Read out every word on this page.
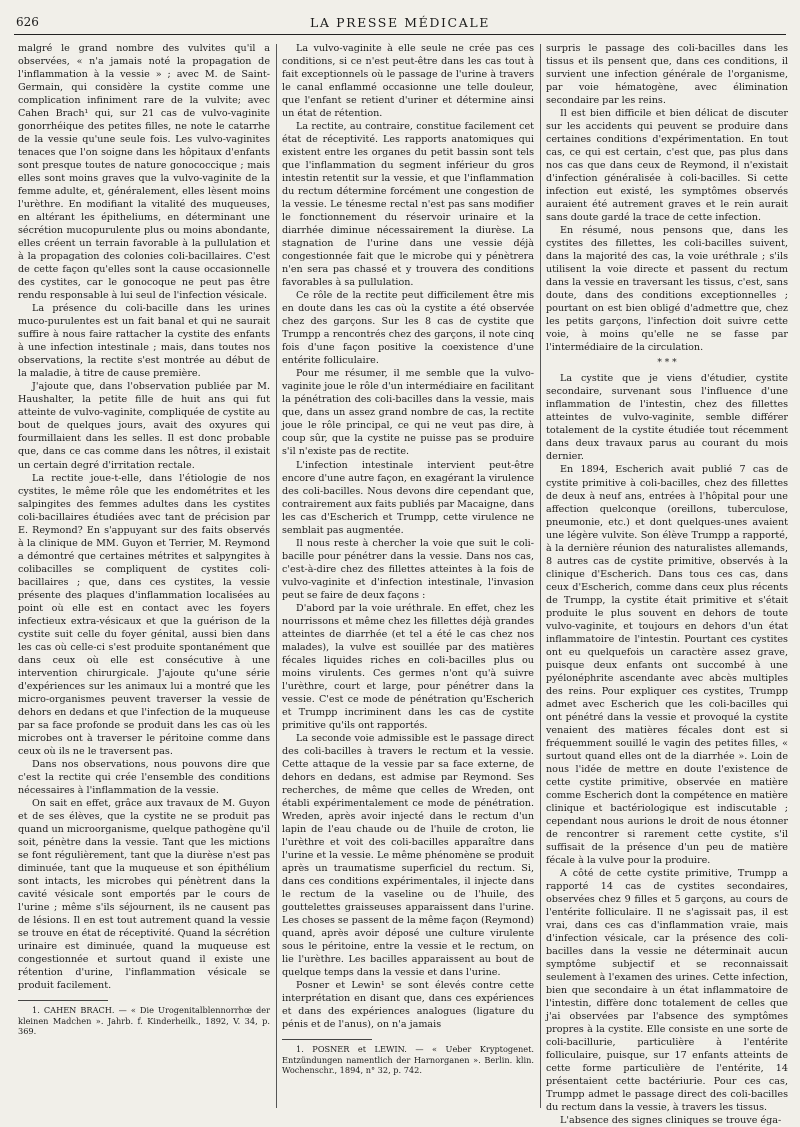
626	LA PRESSE MÉDICALE

malgré le grand nombre des vulvites qu'il a observées, « n'a jamais noté la propagation de l'inflammation à la vessie » ; avec M. de Saint-Germain, qui considère la cystite comme une complication infiniment rare de la vulvite; avec Cahen Brach¹ qui, sur 21 cas de vulvo-vaginite gonorrhéique des petites filles, ne note le catarrhe de la vessie qu'une seule fois. Les vulvo-vaginites tenaces que l'on soigne dans les hôpitaux d'enfants sont presque toutes de nature gonococcique ; mais elles sont moins graves que la vulvo-vaginite de la femme adulte, et, généralement, elles lèsent moins l'urèthre. En modifiant la vitalité des muqueuses, en altérant les épitheliums, en déterminant une sécrétion mucopurulente plus ou moins abondante, elles créent un terrain favorable à la pullulation et à la propagation des colonies coli-bacillaires. C'est de cette façon qu'elles sont la cause occasionnelle des cystites, car le gonocoque ne peut pas être rendu responsable à lui seul de l'infection vésicale.

La présence du coli-bacille dans les urines muco-purulentes est un fait banal et qui ne saurait suffire à nous faire rattacher la cystite des enfants à une infection intestinale ; mais, dans toutes nos observations, la rectite s'est montrée au début de la maladie, à titre de cause première.

J'ajoute que, dans l'observation publiée par M. Haushalter, la petite fille de huit ans qui fut atteinte de vulvo-vaginite, compliquée de cystite au bout de quelques jours, avait des oxyures qui fourmillaient dans les selles. Il est donc probable que, dans ce cas comme dans les nôtres, il existait un certain degré d'irritation rectale.

La rectite joue-t-elle, dans l'étiologie de nos cystites, le même rôle que les endométrites et les salpingites des femmes adultes dans les cystites coli-bacillaires étudiées avec tant de précision par E. Reymond? En s'appuyant sur des faits observés à la clinique de MM. Guyon et Terrier, M. Reymond a démontré que certaines métrites et salpyngites à colibacilles se compliquent de cystites coli-bacillaires ; que, dans ces cystites, la vessie présente des plaques d'inflammation localisées au point où elle est en contact avec les foyers infectieux extra-vésicaux et que la guérison de la cystite suit celle du foyer génital, aussi bien dans les cas où celle-ci s'est produite spontanément que dans ceux où elle est consécutive à une intervention chirurgicale. J'ajoute qu'une série d'expériences sur les animaux lui a montré que les micro-organismes peuvent traverser la vessie de dehors en dedans et que l'infection de la muqueuse par sa face profonde se produit dans les cas où les microbes ont à traverser le péritoine comme dans ceux où ils ne le traversent pas.

Dans nos observations, nous pouvons dire que c'est la rectite qui crée l'ensemble des conditions nécessaires à l'inflammation de la vessie.

On sait en effet, grâce aux travaux de M. Guyon et de ses élèves, que la cystite ne se produit pas quand un microorganisme, quelque pathogène qu'il soit, pénètre dans la vessie. Tant que les mictions se font régulièrement, tant que la diurèse n'est pas diminuée, tant que la muqueuse et son épithélium sont intacts, les microbes qui pénètrent dans la cavité vésicale sont emportés par le cours de l'urine ; même s'ils séjournent, ils ne causent pas de lésions. Il en est tout autrement quand la vessie se trouve en état de réceptivité. Quand la sécrétion urinaire est diminuée, quand la muqueuse est congestionnée et surtout quand il existe une rétention d'urine, l'inflammation vésicale se produit facilement.

1. CAHEN BRACH. — « Die Urogenitalblennorrhœ der kleinen Madchen ». Jahrb. f. Kinderheilk., 1892, V. 34, p. 369.

La vulvo-vaginite à elle seule ne crée pas ces conditions, si ce n'est peut-être dans les cas tout à fait exceptionnels où le passage de l'urine à travers le canal enflammé occasionne une telle douleur, que l'enfant se retient d'uriner et détermine ainsi un état de rétention.

La rectite, au contraire, constitue facilement cet état de réceptivité. Les rapports anatomiques qui existent entre les organes du petit bassin sont tels que l'inflammation du segment inférieur du gros intestin retentit sur la vessie, et que l'inflammation du rectum détermine forcément une congestion de la vessie. Le ténesme rectal n'est pas sans modifier le fonctionnement du réservoir urinaire et la diarrhée diminue nécessairement la diurèse. La stagnation de l'urine dans une vessie déjà congestionnée fait que le microbe qui y pénètrera n'en sera pas chassé et y trouvera des conditions favorables à sa pullulation.

Ce rôle de la rectite peut difficilement être mis en doute dans les cas où la cystite a été observée chez des garçons. Sur les 8 cas de cystite que Trumpp a rencontrés chez des garçons, il note cinq fois d'une façon positive la coexistence d'une entérite folliculaire.

Pour me résumer, il me semble que la vulvo-vaginite joue le rôle d'un intermédiaire en facilitant la pénétration des coli-bacilles dans la vessie, mais que, dans un assez grand nombre de cas, la rectite joue le rôle principal, ce qui ne veut pas dire, à coup sûr, que la cystite ne puisse pas se produire s'il n'existe pas de rectite.

L'infection intestinale intervient peut-être encore d'une autre façon, en exagérant la virulence des coli-bacilles. Nous devons dire cependant que, contrairement aux faits publiés par Macaigne, dans les cas d'Escherich et Trumpp, cette virulence ne semblait pas augmentée.

Il nous reste à chercher la voie que suit le coli-bacille pour pénétrer dans la vessie. Dans nos cas, c'est-à-dire chez des fillettes atteintes à la fois de vulvo-vaginite et d'infection intestinale, l'invasion peut se faire de deux façons :

D'abord par la voie uréthrale. En effet, chez les nourrissons et même chez les fillettes déjà grandes atteintes de diarrhée (et tel a été le cas chez nos malades), la vulve est souillée par des matières fécales liquides riches en coli-bacilles plus ou moins virulents. Ces germes n'ont qu'à suivre l'urèthre, court et large, pour pénétrer dans la vessie. C'est ce mode de pénétration qu'Escherich et Trumpp incriminent dans les cas de cystite primitive qu'ils ont rapportés.

La seconde voie admissible est le passage direct des coli-bacilles à travers le rectum et la vessie. Cette attaque de la vessie par sa face externe, de dehors en dedans, est admise par Reymond. Ses recherches, de même que celles de Wreden, ont établi expérimentalement ce mode de pénétration. Wreden, après avoir injecté dans le rectum d'un lapin de l'eau chaude ou de l'huile de croton, lie l'urèthre et voit des coli-bacilles apparaître dans l'urine et la vessie. Le même phénomène se produit après un traumatisme superficiel du rectum. Si, dans ces conditions expérimentales, il injecte dans le rectum de la vaseline ou de l'huile, des gouttelettes graisseuses apparaissent dans l'urine. Les choses se passent de la même façon (Reymond) quand, après avoir déposé une culture virulente sous le péritoine, entre la vessie et le rectum, on lie l'urèthre. Les bacilles apparaissent au bout de quelque temps dans la vessie et dans l'urine.

Posner et Lewin¹ se sont élevés contre cette interprétation en disant que, dans ces expériences et dans des expériences analogues (ligature du pénis et de l'anus), on n'a jamais

1. POSNER et LEWIN. — « Ueber Kryptogenet. Entzündungen namentlich der Harnorganen ». Berlin. klin. Wochenschr., 1894, n° 32, p. 742.

surpris le passage des coli-bacilles dans les tissus et ils pensent que, dans ces conditions, il survient une infection générale de l'organisme, par voie hématogène, avec élimination secondaire par les reins.

Il est bien difficile et bien délicat de discuter sur les accidents qui peuvent se produire dans certaines conditions d'expérimentation. En tout cas, ce qui est certain, c'est que, pas plus dans nos cas que dans ceux de Reymond, il n'existait d'infection généralisée à coli-bacilles. Si cette infection eut existé, les symptômes observés auraient été autrement graves et le rein aurait sans doute gardé la trace de cette infection.

En résumé, nous pensons que, dans les cystites des fillettes, les coli-bacilles suivent, dans la majorité des cas, la voie uréthrale ; s'ils utilisent la voie directe et passent du rectum dans la vessie en traversant les tissus, c'est, sans doute, dans des conditions exceptionnelles ; pourtant on est bien obligé d'admettre que, chez les petits garçons, l'infection doit suivre cette voie, à moins qu'elle ne se fasse par l'intermédiaire de la circulation.

* * *

La cystite que je viens d'étudier, cystite secondaire, survenant sous l'influence d'une inflammation de l'intestin, chez des fillettes atteintes de vulvo-vaginite, semble différer totalement de la cystite étudiée tout récemment dans deux travaux parus au courant du mois dernier.

En 1894, Escherich avait publié 7 cas de cystite primitive à coli-bacilles, chez des fillettes de deux à neuf ans, entrées à l'hôpital pour une affection quelconque (oreillons, tuberculose, pneumonie, etc.) et dont quelques-unes avaient une légère vulvite. Son élève Trumpp a rapporté, à la dernière réunion des naturalistes allemands, 8 autres cas de cystite primitive, observés à la clinique d'Escherich. Dans tous ces cas, dans ceux d'Escherich, comme dans ceux plus récents de Trumpp, la cystite était primitive et s'était produite le plus souvent en dehors de toute vulvo-vaginite, et toujours en dehors d'un état inflammatoire de l'intestin. Pourtant ces cystites ont eu quelquefois un caractère assez grave, puisque deux enfants ont succombé à une pyélonéphrite ascendante avec abcès multiples des reins. Pour expliquer ces cystites, Trumpp admet avec Escherich que les coli-bacilles qui ont pénétré dans la vessie et provoqué la cystite venaient des matières fécales dont est si fréquemment souillé le vagin des petites filles, « surtout quand elles ont de la diarrhée ». Loin de nous l'idée de mettre en doute l'existence de cette cystite primitive, observée en matière comme Escherich dont la compétence en matière clinique et bactériologique est indiscutable ; cependant nous aurions le droit de nous étonner de rencontrer si rarement cette cystite, s'il suffisait de la présence d'un peu de matière fécale à la vulve pour la produire.

A côté de cette cystite primitive, Trumpp a rapporté 14 cas de cystites secondaires, observées chez 9 filles et 5 garçons, au cours de l'entérite folliculaire. Il ne s'agissait pas, il est vrai, dans ces cas d'inflammation vraie, mais d'infection vésicale, car la présence des coli-bacilles dans la vessie ne déterminait aucun symptôme subjectif et se reconnaissait seulement à l'examen des urines. Cette infection, bien que secondaire à un état inflammatoire de l'intestin, diffère donc totalement de celles que j'ai observées par l'absence des symptômes propres à la cystite. Elle consiste en une sorte de coli-bacillurie, particulière à l'entérite folliculaire, puisque, sur 17 enfants atteints de cette forme particulière de l'entérite, 14 présentaient cette bactériurie. Pour ces cas, Trumpp admet le passage direct des coli-bacilles du rectum dans la vessie, à travers les tissus.

L'absence des signes cliniques se trouve éga-
